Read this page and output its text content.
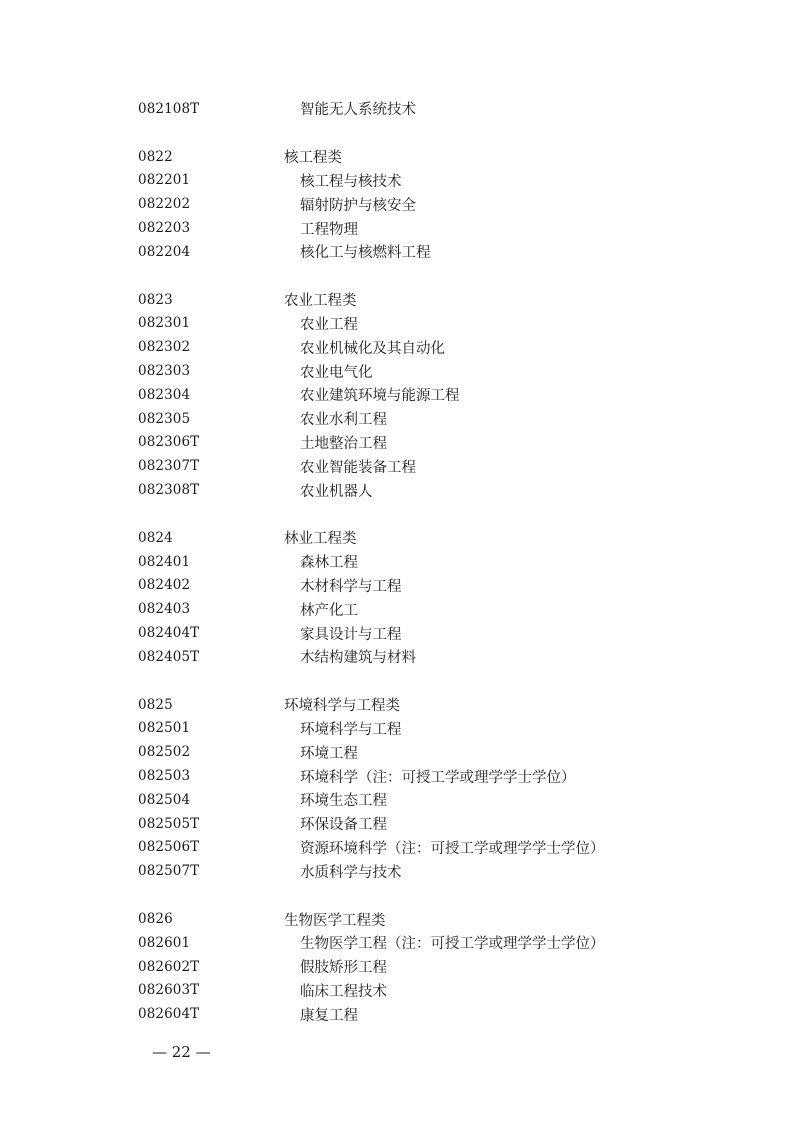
082108T	智能无人系统技术
0822	核工程类
082201	核工程与核技术
082202	辐射防护与核安全
082203	工程物理
082204	核化工与核燃料工程
0823	农业工程类
082301	农业工程
082302	农业机械化及其自动化
082303	农业电气化
082304	农业建筑环境与能源工程
082305	农业水利工程
082306T	土地整治工程
082307T	农业智能装备工程
082308T	农业机器人
0824	林业工程类
082401	森林工程
082402	木材科学与工程
082403	林产化工
082404T	家具设计与工程
082405T	木结构建筑与材料
0825	环境科学与工程类
082501	环境科学与工程
082502	环境工程
082503	环境科学（注：可授工学或理学学士学位）
082504	环境生态工程
082505T	环保设备工程
082506T	资源环境科学（注：可授工学或理学学士学位）
082507T	水质科学与技术
0826	生物医学工程类
082601	生物医学工程（注：可授工学或理学学士学位）
082602T	假肢矫形工程
082603T	临床工程技术
082604T	康复工程
— 22 —
